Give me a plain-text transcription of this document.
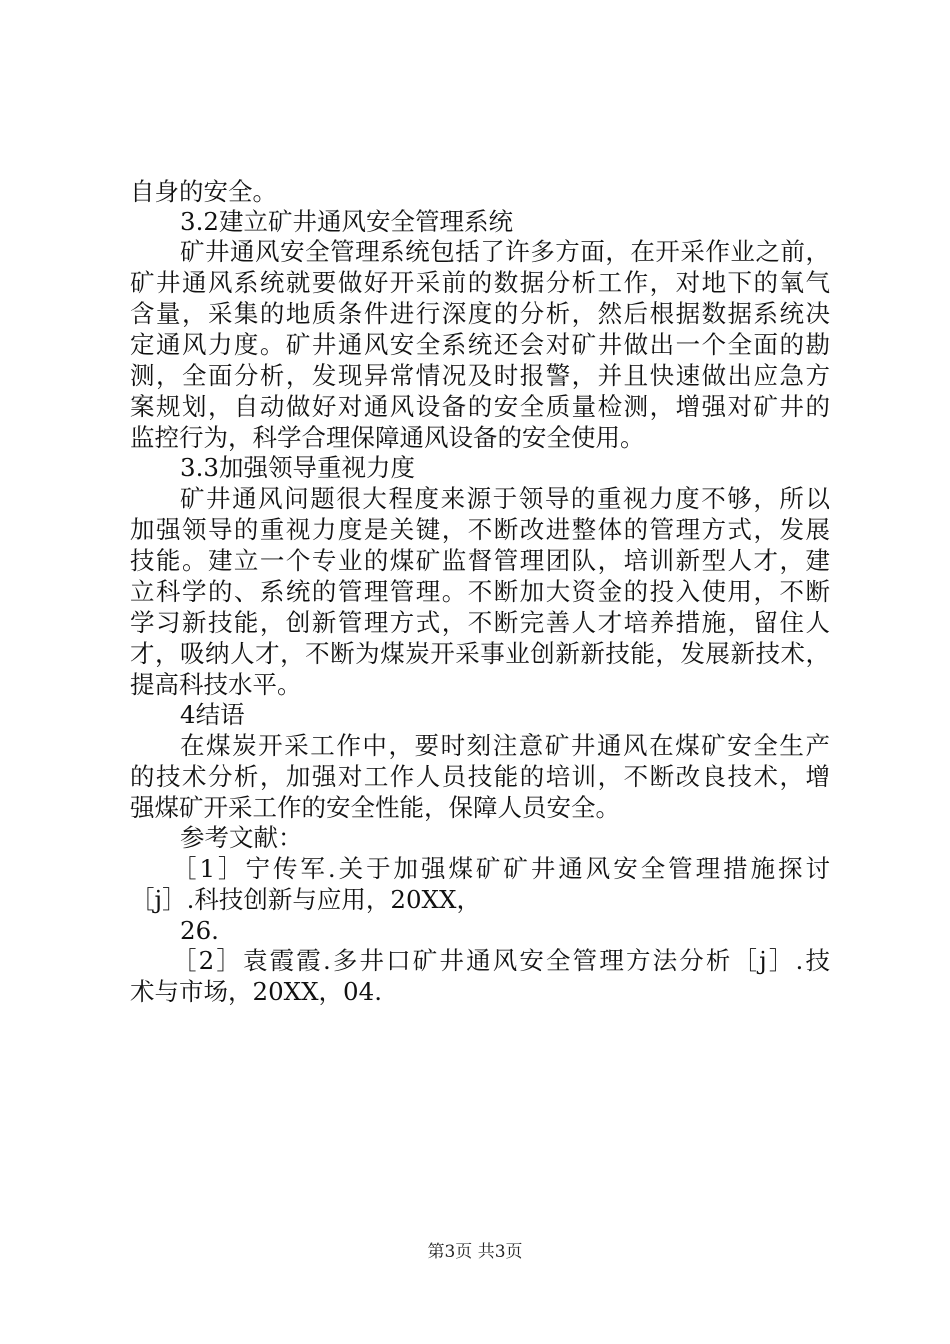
自身的安全。
3.2建立矿井通风安全管理系统
矿井通风安全管理系统包括了许多方面，在开采作业之前，
矿井通风系统就要做好开采前的数据分析工作，对地下的氧气
含量，采集的地质条件进行深度的分析，然后根据数据系统决
定通风力度。矿井通风安全系统还会对矿井做出一个全面的勘
测，全面分析，发现异常情况及时报警，并且快速做出应急方
案规划，自动做好对通风设备的安全质量检测，增强对矿井的
监控行为，科学合理保障通风设备的安全使用。
3.3加强领导重视力度
矿井通风问题很大程度来源于领导的重视力度不够，所以
加强领导的重视力度是关键，不断改进整体的管理方式，发展
技能。建立一个专业的煤矿监督管理团队，培训新型人才，建
立科学的、系统的管理管理。不断加大资金的投入使用，不断
学习新技能，创新管理方式，不断完善人才培养措施，留住人
才，吸纳人才，不断为煤炭开采事业创新新技能，发展新技术，
提高科技水平。
4结语
在煤炭开采工作中，要时刻注意矿井通风在煤矿安全生产
的技术分析，加强对工作人员技能的培训，不断改良技术，增
强煤矿开采工作的安全性能，保障人员安全。
参考文献：
［1］宁传军.关于加强煤矿矿井通风安全管理措施探讨
［j］.科技创新与应用，20XX，
26.
［2］袁霞霞.多井口矿井通风安全管理方法分析［j］.技
术与市场，20XX，04.
第3页 共3页
